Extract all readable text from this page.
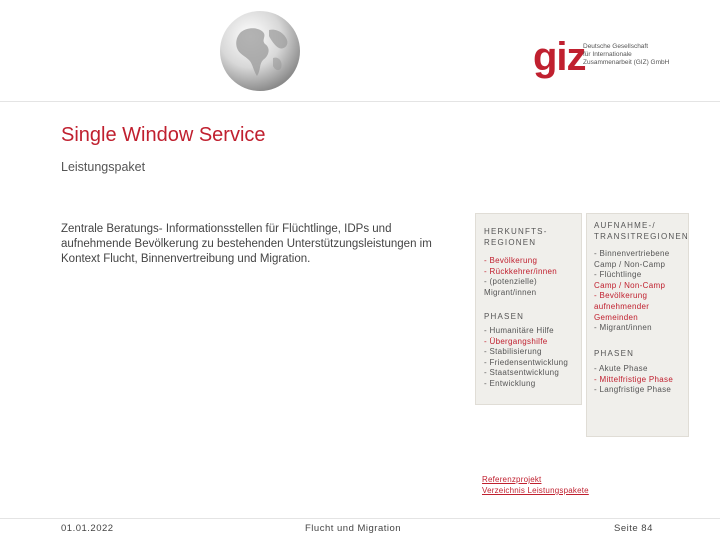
giz
Deutsche Gesellschaft
für Internationale
Zusammenarbeit (GIZ) GmbH
Single Window Service
Leistungspaket
Zentrale Beratungs- Informationsstellen für Flüchtlinge, IDPs und aufnehmende Bevölkerung zu bestehenden Unterstützungsleistungen im Kontext Flucht, Binnenvertreibung und Migration.
HERKUNFTS-REGIONEN
- Bevölkerung
- Rückkehrer/innen
- (potenzielle)
Migrant/innen
PHASEN
- Humanitäre Hilfe
- Übergangshilfe
- Stabilisierung
- Friedensentwicklung
- Staatsentwicklung
- Entwicklung
AUFNAHME-/ TRANSITREGIONEN
- Binnenvertriebene
Camp / Non-Camp
- Flüchtlinge
Camp / Non-Camp
- Bevölkerung
aufnehmender
Gemeinden
- Migrant/innen
PHASEN
- Akute Phase
- Mittelfristige Phase
- Langfristige Phase
Referenzprojekt
Verzeichnis Leistungspakete
01.01.2022	Flucht und Migration	Seite 84
